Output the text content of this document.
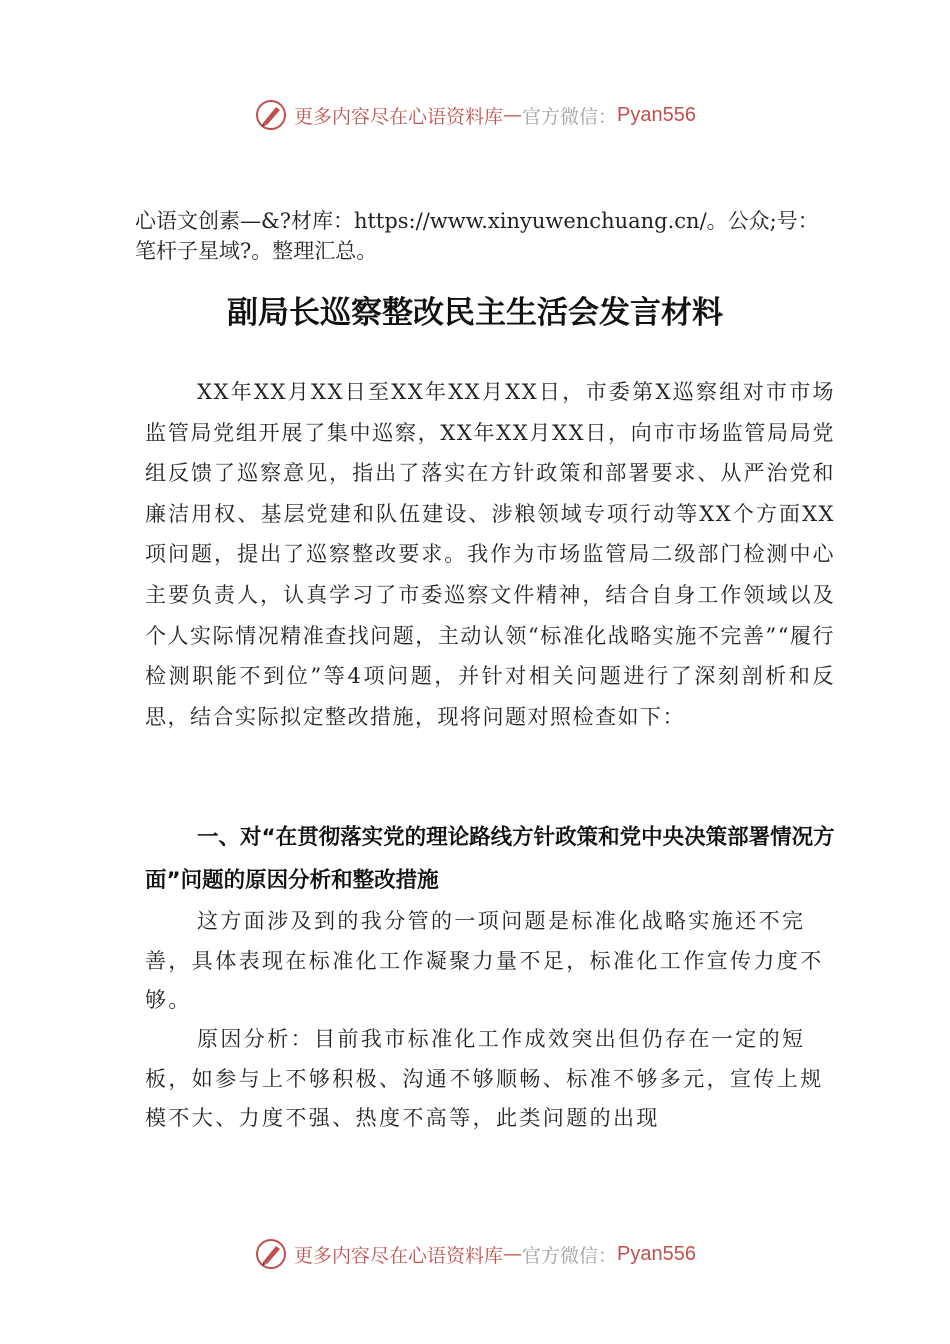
更多内容尽在心语资料库 — 官方微信： Pyan556
心语文创素—&?材库：https://www.xinyuwenchuang.cn/。公众;号：笔杆子星域?。整理汇总。
副局长巡察整改民主生活会发言材料
XX年XX月XX日至XX年XX月XX日，市委第X巡察组对市市场监管局党组开展了集中巡察，XX年XX月XX日，向市市场监管局局党组反馈了巡察意见，指出了落实在方针政策和部署要求、从严治党和廉洁用权、基层党建和队伍建设、涉粮领域专项行动等XX个方面XX项问题，提出了巡察整改要求。我作为市场监管局二级部门检测中心主要负责人，认真学习了市委巡察文件精神，结合自身工作领域以及个人实际情况精准查找问题，主动认领“标准化战略实施不完善”“履行检测职能不到位”等4项问题，并针对相关问题进行了深刻剖析和反思，结合实际拟定整改措施，现将问题对照检查如下：
一、对“在贯彻落实党的理论路线方针政策和党中央决策部署情况方面”问题的原因分析和整改措施
这方面涉及到的我分管的一项问题是标准化战略实施还不完善，具体表现在标准化工作凝聚力量不足，标准化工作宣传力度不够。
原因分析：目前我市标准化工作成效突出但仍存在一定的短板，如参与上不够积极、沟通不够顺畅、标准不够多元，宣传上规模不大、力度不强、热度不高等，此类问题的出现
更多内容尽在心语资料库 — 官方微信： Pyan556
